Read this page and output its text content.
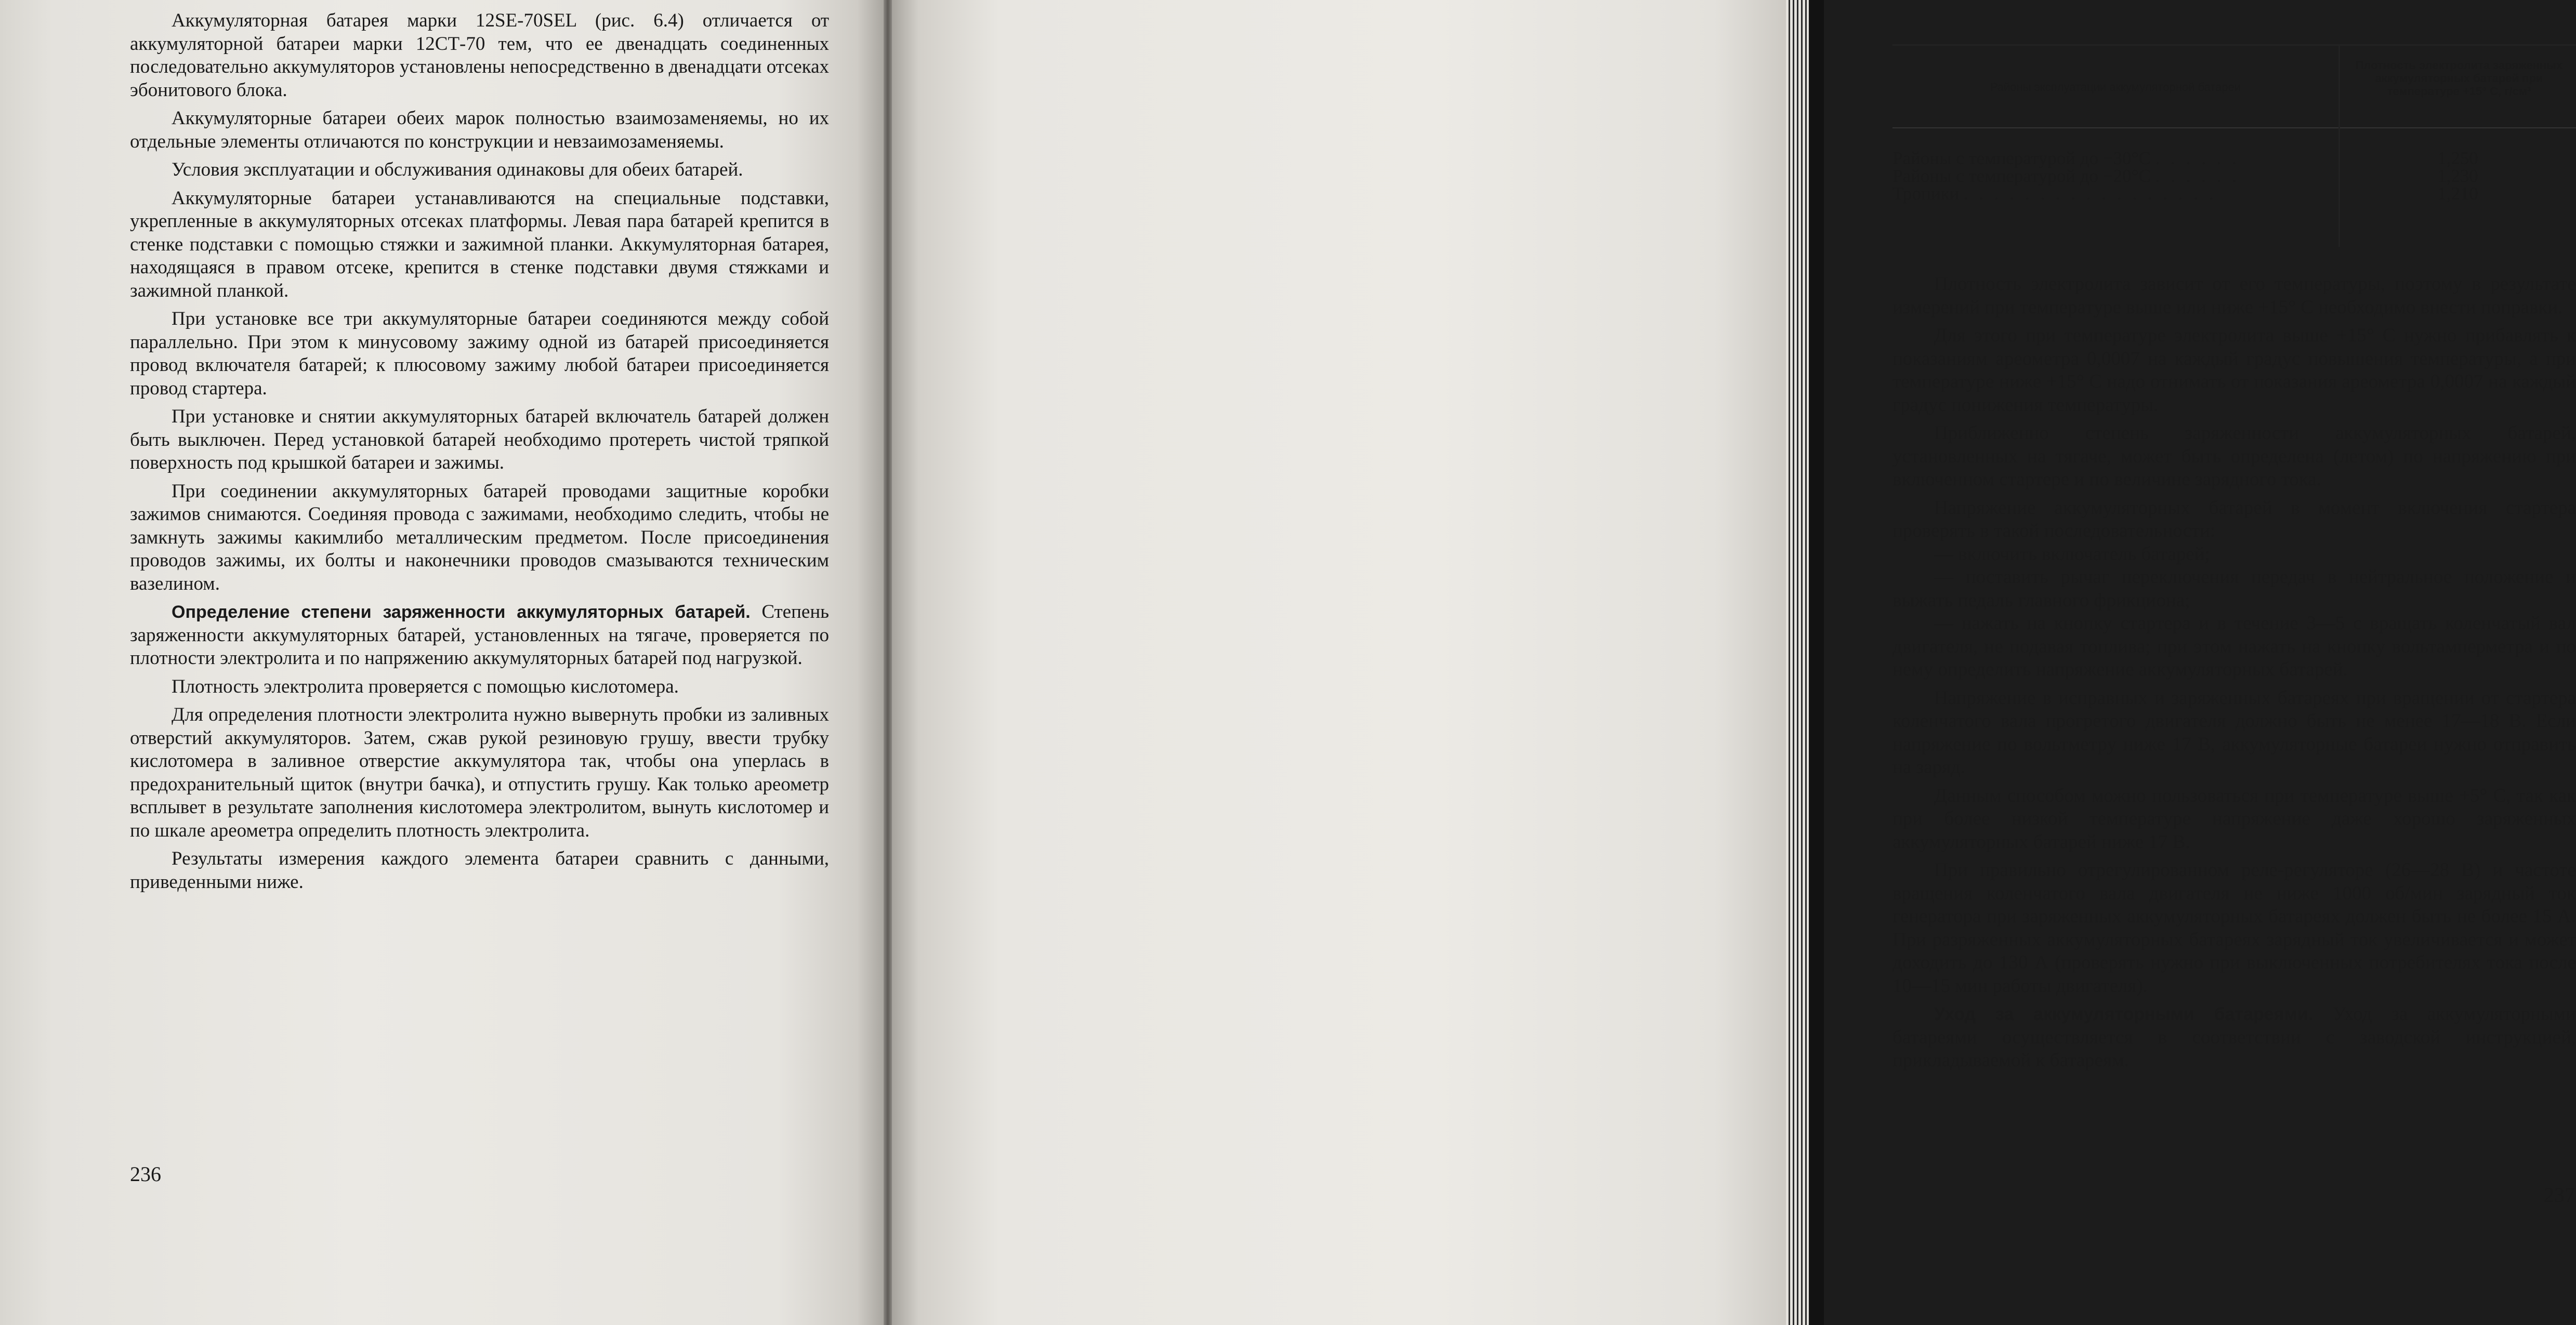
Аккумуляторная батарея марки 12SE-70SEL (рис. 6.4) отличается от аккумуляторной батареи марки 12СТ-70 тем, что ее двенадцать соединенных последовательно аккумуляторов установлены непосредственно в двенадцати отсеках эбонитового блока.

Аккумуляторные батареи обеих марок полностью взаимозаменяемы, но их отдельные элементы отличаются по конструкции и невзаимозаменяемы.

Условия эксплуатации и обслуживания одинаковы для обеих батарей.

Аккумуляторные батареи устанавливаются на специальные подставки, укрепленные в аккумуляторных отсеках платформы. Левая пара батарей крепится в стенке подставки с помощью стяжки и зажимной планки. Аккумуляторная батарея, находящаяся в правом отсеке, крепится в стенке подставки двумя стяжками и зажимной планкой.

При установке все три аккумуляторные батареи соединяются между собой параллельно. При этом к минусовому зажиму одной из батарей присоединяется провод включателя батарей; к плюсовому зажиму любой батареи присоединяется провод стартера.

При установке и снятии аккумуляторных батарей включатель батарей должен быть выключен. Перед установкой батарей необходимо протереть чистой тряпкой поверхность под крышкой батареи и зажимы.

При соединении аккумуляторных батарей проводами защитные коробки зажимов снимаются. Соединяя провода с зажимами, необходимо следить, чтобы не замкнуть зажимы какимлибо металлическим предметом. После присоединения проводов зажимы, их болты и наконечники проводов смазываются техническим вазелином.

Определение степени заряженности аккумуляторных батарей. Степень заряженности аккумуляторных батарей, установленных на тягаче, проверяется по плотности электролита и по напряжению аккумуляторных батарей под нагрузкой.

Плотность электролита проверяется с помощью кислотомера.

Для определения плотности электролита нужно вывернуть пробки из заливных отверстий аккумуляторов. Затем, сжав рукой резиновую грушу, ввести трубку кислотомера в заливное отверстие аккумулятора так, чтобы она уперлась в предохранительный щиток (внутри бачка), и отпустить грушу. Как только ареометр всплывет в результате заполнения кислотомера электролитом, вынуть кислотомер и по шкале ареометра определить плотность электролита.

Результаты измерения каждого элемента батареи сравнить с данными, приведенными ниже.

236
Районы эксплуатации аккумуляторной батареи
Плотность электролита заряженных аккумуляторных батарей при температуре +15° С, г/см³
Районы с температурой до −30°С . . . . . .	1,250
Районы с температурой до −20°С . . . . . .	1,230
Тропики . . . . . . . . . . . . . . . . .	1,210

Плотность электролита зависит от его температуры, поэтому в результате измерений при температуре выше или ниже +15° С необходимо внести поправки.

Для этого при температуре электролита выше +15° С нужно прибавлять к показаниям ареометра 0,0007 на каждый градус повышения температуры, а при температуре ниже +15° С надо отнимать от показания ареометра 0,0007 на каждый градус понижения температуры.

Приближенно степень заряженности аккумуляторных батарей, установленных на тягаче, может быть определена (летом) по напряжению при включенном стартере и по величине зарядного тока.

Напряжение аккумуляторных батарей в момент включения стартера проверять в такой последовательности:

— включить включатель батарей;

— поставить рычаг переключения передач в нейтральное положение и выжать педаль главного фрикциона;

— нажать на кнопку стартера и в течение 3—5 с вращать коленчатый вал двигателя, не подавая топлива; при этом нажать на кнопку вольтамперметра и по нему определить напряжение аккумуляторных батарей.

Напряжение в исправных и заряженных батареях при вращении от стартера коленчатого вала прогретого двигателя должно быть не менее 17—18 В. Если напряжение по вольтметру ниже 17 В, аккумуляторные батареи нужно отправить на заряд.

Данным способом можно пользоваться при температуре выше +5° С, так как при более низкой температуре напряжение даже хорошо заряженных аккумуляторных батарей ниже 17 В.

При правильно отрегулированном реле-регуляторе (26—28 В) и частоте вращения коленчатого вала двигателя не ниже 1000 об/мин зарядный ток генератора при заряженных аккумуляторных батареях должен быть не более 15 А. При разряженных аккумуляторных батареях зарядный ток увеличивается и может доходить до 130 А (проверять нужно при выключенных потребителях тока после 10—15 мин работы двигателя).

Уход за аккумуляторными батареями. Уход за аккумуляторными батареями осуществляется в соответствии с заводской инструкцией, прикладываемой к батареям.

237
